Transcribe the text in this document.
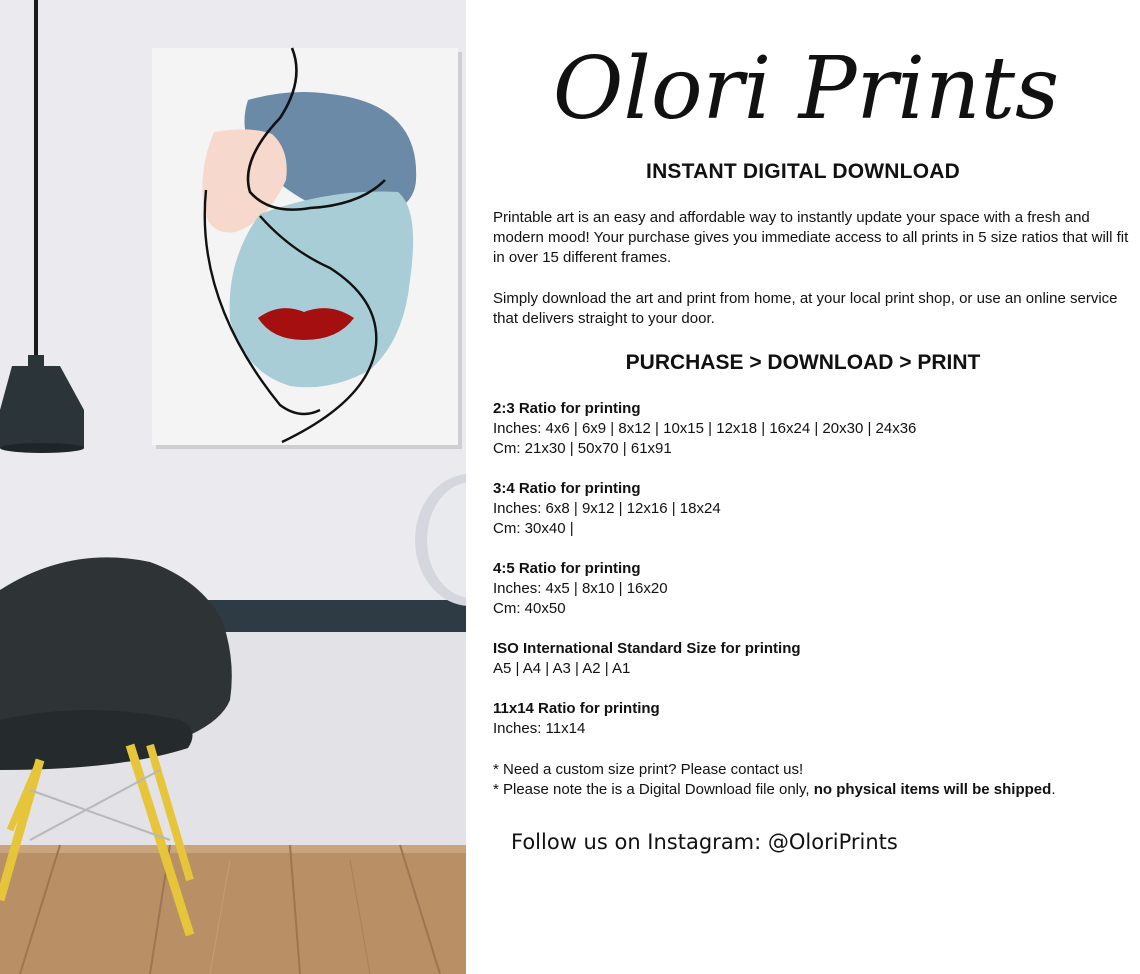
Olori Prints
INSTANT DIGITAL DOWNLOAD
Printable art is an easy and affordable way to instantly update your space with a fresh and modern mood! Your purchase gives you immediate access to all prints in 5 size ratios that will fit in over 15 different frames.
Simply download the art and print from home, at your local print shop, or use an online service that delivers straight to your door.
PURCHASE > DOWNLOAD > PRINT
2:3 Ratio for printing
Inches: 4x6 | 6x9 | 8x12 | 10x15 | 12x18 | 16x24 | 20x30 | 24x36
Cm: 21x30 | 50x70 | 61x91
3:4 Ratio for printing
Inches: 6x8 | 9x12 | 12x16 | 18x24
Cm: 30x40 |
4:5 Ratio for printing
Inches: 4x5 | 8x10 | 16x20
Cm: 40x50
ISO International Standard Size for printing
A5 | A4 | A3 | A2 | A1
11x14 Ratio for printing
Inches: 11x14
* Need a custom size print? Please contact us!
* Please note the is a Digital Download file only, no physical items will be shipped.
Follow us on Instagram: @OloriPrints
